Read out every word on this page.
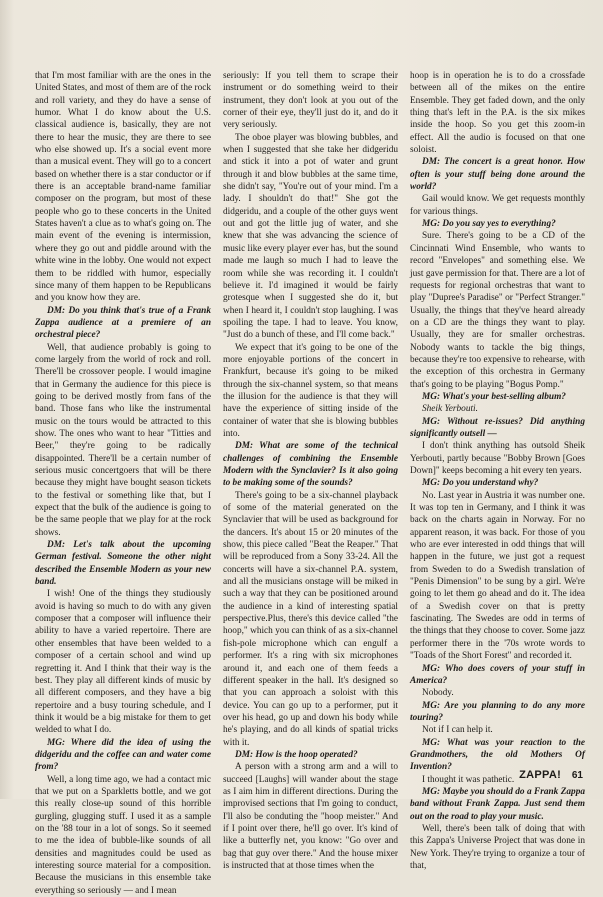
that I'm most familiar with are the ones in the United States, and most of them are of the rock and roll variety, and they do have a sense of humor. What I do know about the U.S. classical audience is, basically, they are not there to hear the music, they are there to see who else showed up. It's a social event more than a musical event. They will go to a concert based on whether there is a star conductor or if there is an acceptable brand-name familiar composer on the program, but most of these people who go to these concerts in the United States haven't a clue as to what's going on. The main event of the evening is intermission, where they go out and piddle around with the white wine in the lobby. One would not expect them to be riddled with humor, especially since many of them happen to be Republicans and you know how they are.

DM: Do you think that's true of a Frank Zappa audience at a premiere of an orchestral piece?

Well, that audience probably is going to come largely from the world of rock and roll. There'll be crossover people. I would imagine that in Germany the audience for this piece is going to be derived mostly from fans of the band. Those fans who like the instrumental music on the tours would be attracted to this show. The ones who want to hear "Titties and Beer," they're going to be radically disappointed. There'll be a certain number of serious music concertgoers that will be there because they might have bought season tickets to the festival or something like that, but I expect that the bulk of the audience is going to be the same people that we play for at the rock shows.

DM: Let's talk about the upcoming German festival. Someone the other night described the Ensemble Modern as your new band.

I wish! One of the things they studiously avoid is having so much to do with any given composer that a composer will influence their ability to have a varied repertoire. There are other ensembles that have been welded to a composer of a certain school and wind up regretting it. And I think that their way is the best. They play all different kinds of music by all different composers, and they have a big repertoire and a busy touring schedule, and I think it would be a big mistake for them to get welded to what I do.

MG: Where did the idea of using the didgeridu and the coffee can and water come from?

Well, a long time ago, we had a contact mic that we put on a Sparkletts bottle, and we got this really close-up sound of this horrible gurgling, glugging stuff. I used it as a sample on the '88 tour in a lot of songs. So it seemed to me the idea of bubble-like sounds of all densities and magnitudes could be used as interesting source material for a composition. Because the musicians in this ensemble take everything so seriously — and I mean

seriously: If you tell them to scrape their instrument or do something weird to their instrument, they don't look at you out of the corner of their eye, they'll just do it, and do it very seriously.

The oboe player was blowing bubbles, and when I suggested that she take her didgeridu and stick it into a pot of water and grunt through it and blow bubbles at the same time, she didn't say, "You're out of your mind. I'm a lady. I shouldn't do that!" She got the didgeridu, and a couple of the other guys went out and got the little jug of water, and she knew that she was advancing the science of music like every player ever has, but the sound made me laugh so much I had to leave the room while she was recording it. I couldn't believe it. I'd imagined it would be fairly grotesque when I suggested she do it, but when I heard it, I couldn't stop laughing. I was spoiling the tape. I had to leave. You know, "Just do a bunch of these, and I'll come back."

We expect that it's going to be one of the more enjoyable portions of the concert in Frankfurt, because it's going to be miked through the six-channel system, so that means the illusion for the audience is that they will have the experience of sitting inside of the container of water that she is blowing bubbles into.

DM: What are some of the technical challenges of combining the Ensemble Modern with the Synclavier? Is it also going to be making some of the sounds?

There's going to be a six-channel playback of some of the material generated on the Synclavier that will be used as background for the dancers. It's about 15 or 20 minutes of the show, this piece called "Beat the Reaper." That will be reproduced from a Sony 33-24. All the concerts will have a six-channel P.A. system, and all the musicians onstage will be miked in such a way that they can be positioned around the audience in a kind of interesting spatial perspective.Plus, there's this device called "the hoop," which you can think of as a six-channel fish-pole microphone which can engulf a performer. It's a ring with six microphones around it, and each one of them feeds a different speaker in the hall. It's designed so that you can approach a soloist with this device. You can go up to a performer, put it over his head, go up and down his body while he's playing, and do all kinds of spatial tricks with it.

DM: How is the hoop operated?

A person with a strong arm and a will to succeed [Laughs] will wander about the stage as I aim him in different directions. During the improvised sections that I'm going to conduct, I'll also be conduting the "hoop meister." And if I point over there, he'll go over. It's kind of like a butterfly net, you know: "Go over and bag that guy over there." And the house mixer is instructed that at those times when the

hoop is in operation he is to do a crossfade between all of the mikes on the entire Ensemble. They get faded down, and the only thing that's left in the P.A. is the six mikes inside the hoop. So you get this zoom-in effect. All the audio is focused on that one soloist.

DM: The concert is a great honor. How often is your stuff being done around the world?

Gail would know. We get requests monthly for various things.

MG: Do you say yes to everything?

Sure. There's going to be a CD of the Cincinnati Wind Ensemble, who wants to record "Envelopes" and something else. We just gave permission for that. There are a lot of requests for regional orchestras that want to play "Dupree's Paradise" or "Perfect Stranger." Usually, the things that they've heard already on a CD are the things they want to play. Usually, they are for smaller orchestras. Nobody wants to tackle the big things, because they're too expensive to rehearse, with the exception of this orchestra in Germany that's going to be playing "Bogus Pomp."

MG: What's your best-selling album?

Sheik Yerbouti.

MG: Without re-issues? Did anything significantly outsell —

I don't think anything has outsold Sheik Yerbouti, partly because "Bobby Brown [Goes Down]" keeps becoming a hit every ten years.

MG: Do you understand why?

No. Last year in Austria it was number one. It was top ten in Germany, and I think it was back on the charts again in Norway. For no apparent reason, it was back. For those of you who are ever interested in odd things that will happen in the future, we just got a request from Sweden to do a Swedish translation of "Penis Dimension" to be sung by a girl. We're going to let them go ahead and do it. The idea of a Swedish cover on that is pretty fascinating. The Swedes are odd in terms of the things that they choose to cover. Some jazz performer there in the '70s wrote words to "Toads of the Short Forest" and recorded it.

MG: Who does covers of your stuff in America?

Nobody.

MG: Are you planning to do any more touring?

Not if I can help it.

MG: What was your reaction to the Grandmothers, the old Mothers Of Invention?

I thought it was pathetic.

MG: Maybe you should do a Frank Zappa band without Frank Zappa. Just send them out on the road to play your music.

Well, there's been talk of doing that with this Zappa's Universe Project that was done in New York. They're trying to organize a tour of that,

ZAPPA! 61
